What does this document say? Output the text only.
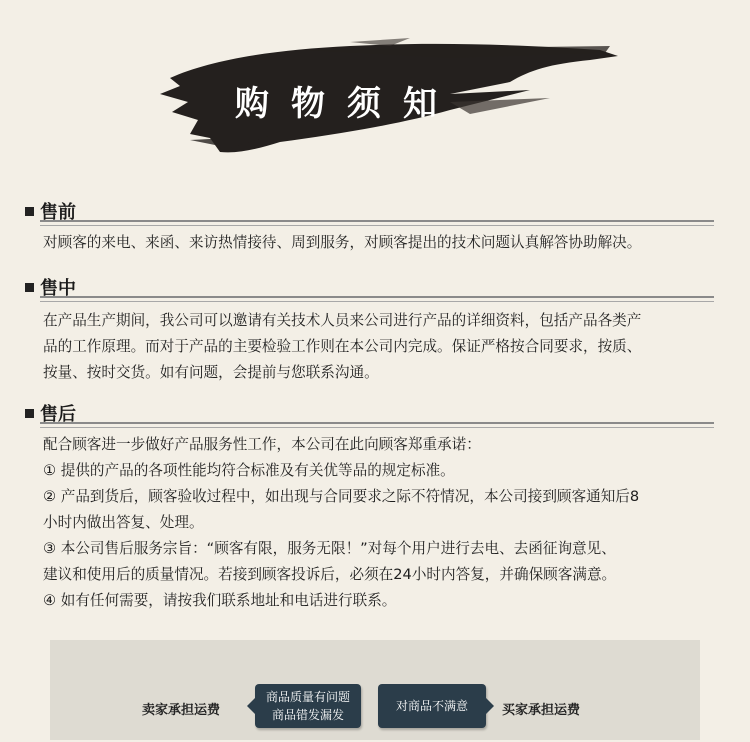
购物须知
售前

对顾客的来电、来函、来访热情接待、周到服务，对顾客提出的技术问题认真解答协助解决。

售中

在产品生产期间，我公司可以邀请有关技术人员来公司进行产品的详细资料，包括产品各类产

品的工作原理。而对于产品的主要检验工作则在本公司内完成。保证严格按合同要求，按质、

按量、按时交货。如有问题，会提前与您联系沟通。

售后

配合顾客进一步做好产品服务性工作，本公司在此向顾客郑重承诺：

① 提供的产品的各项性能均符合标准及有关优等品的规定标准。

② 产品到货后，顾客验收过程中，如出现与合同要求之际不符情况，本公司接到顾客通知后8

小时内做出答复、处理。

③ 本公司售后服务宗旨：“顾客有限，服务无限！”对每个用户进行去电、去函征询意见、

建议和使用后的质量情况。若接到顾客投诉后，必须在24小时内答复，并确保顾客满意。

④ 如有任何需要，请按我们联系地址和电话进行联系。

卖家承担运费

商品质量有问题

商品错发漏发

对商品不满意	买家承担运费
